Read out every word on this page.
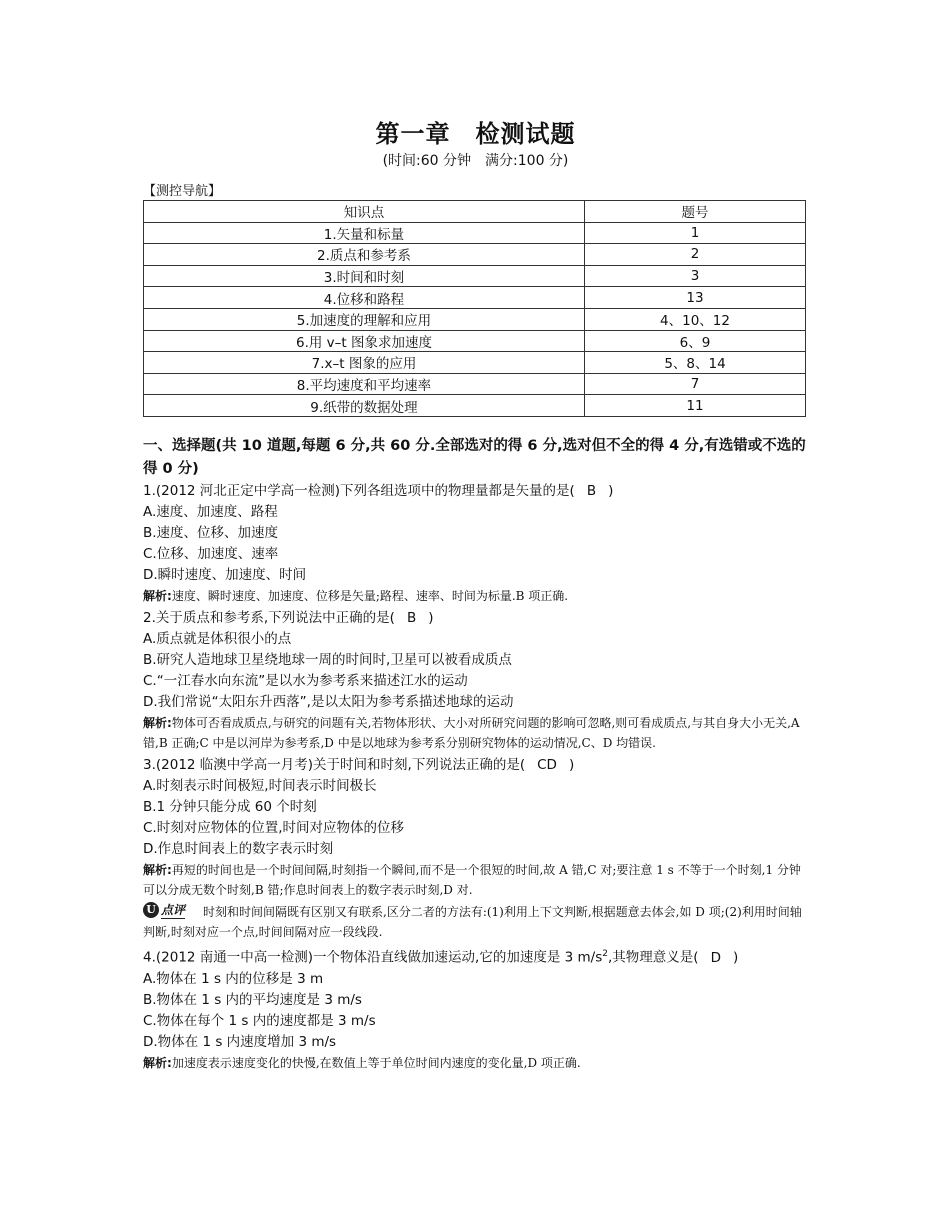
第一章　检测试题
(时间:60 分钟　满分:100 分)
【测控导航】
知识点	题号
1.矢量和标量	1
2.质点和参考系	2
3.时间和时刻	3
4.位移和路程	13
5.加速度的理解和应用	4、10、12
6.用 v–t 图象求加速度	6、9
7.x–t 图象的应用	5、8、14
8.平均速度和平均速率	7
9.纸带的数据处理	11
一、选择题(共 10 道题,每题 6 分,共 60 分.全部选对的得 6 分,选对但不全的得 4 分,有选错或不选的得 0 分)
1.(2012 河北正定中学高一检测)下列各组选项中的物理量都是矢量的是( B )
A.速度、加速度、路程
B.速度、位移、加速度
C.位移、加速度、速率
D.瞬时速度、加速度、时间
解析:速度、瞬时速度、加速度、位移是矢量;路程、速率、时间为标量.B 项正确.
2.关于质点和参考系,下列说法中正确的是( B )
A.质点就是体积很小的点
B.研究人造地球卫星绕地球一周的时间时,卫星可以被看成质点
C.“一江春水向东流”是以水为参考系来描述江水的运动
D.我们常说“太阳东升西落”,是以太阳为参考系描述地球的运动
解析:物体可否看成质点,与研究的问题有关,若物体形状、大小对所研究问题的影响可忽略,则可看成质点,与其自身大小无关,A 错,B 正确;C 中是以河岸为参考系,D 中是以地球为参考系分别研究物体的运动情况,C、D 均错误.
3.(2012 临澳中学高一月考)关于时间和时刻,下列说法正确的是( CD )
A.时刻表示时间极短,时间表示时间极长
B.1 分钟只能分成 60 个时刻
C.时刻对应物体的位置,时间对应物体的位移
D.作息时间表上的数字表示时刻
解析:再短的时间也是一个时间间隔,时刻指一个瞬间,而不是一个很短的时间,故 A 错,C 对;要注意 1 s 不等于一个时刻,1 分钟可以分成无数个时刻,B 错;作息时间表上的数字表示时刻,D 对.
U 点评 时刻和时间间隔既有区别又有联系,区分二者的方法有:(1)利用上下文判断,根据题意去体会,如 D 项;(2)利用时间轴判断,时刻对应一个点,时间间隔对应一段线段.
4.(2012 南通一中高一检测)一个物体沿直线做加速运动,它的加速度是 3 $m/s^2$,其物理意义是( D )
A.物体在 1 s 内的位移是 3 m
B.物体在 1 s 内的平均速度是 3 m/s
C.物体在每个 1 s 内的速度都是 3 m/s
D.物体在 1 s 内速度增加 3 m/s
解析:加速度表示速度变化的快慢,在数值上等于单位时间内速度的变化量,D 项正确.
